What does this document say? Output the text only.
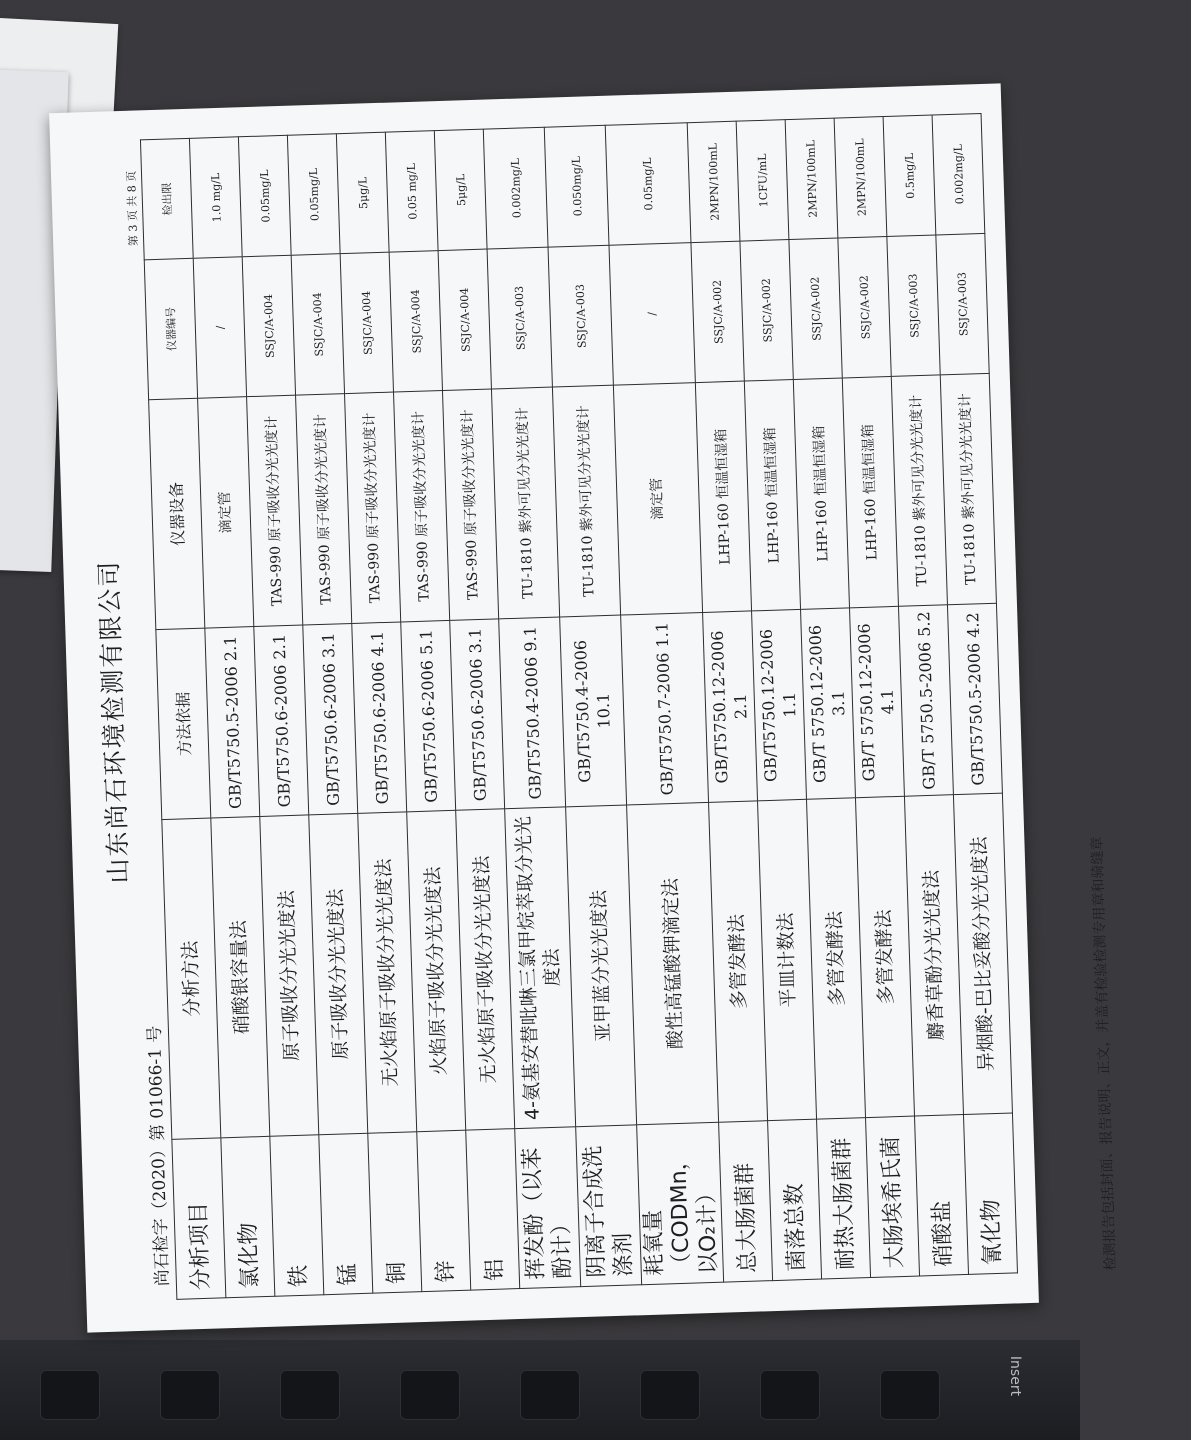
Insert
山东尚石环境检测有限公司
尚石检字（2020）第 01066-1 号
第 3 页 共 8 页
分析项目	分析方法	方法依据	仪器设备	仪器编号	检出限
氯化物	硝酸银容量法	GB/T5750.5-2006 2.1	滴定管	/	1.0 mg/L
铁	原子吸收分光光度法	GB/T5750.6-2006 2.1	TAS-990 原子吸收分光光度计	SSJC/A-004	0.05mg/L
锰	原子吸收分光光度法	GB/T5750.6-2006 3.1	TAS-990 原子吸收分光光度计	SSJC/A-004	0.05mg/L
铜	无火焰原子吸收分光光度法	GB/T5750.6-2006 4.1	TAS-990 原子吸收分光光度计	SSJC/A-004	5μg/L
锌	火焰原子吸收分光光度法	GB/T5750.6-2006 5.1	TAS-990 原子吸收分光光度计	SSJC/A-004	0.05 mg/L
铝	无火焰原子吸收分光光度法	GB/T5750.6-2006 3.1	TAS-990 原子吸收分光光度计	SSJC/A-004	5μg/L
挥发酚（以苯酚计）	4-氨基安替吡啉三氯甲烷萃取分光光度法	GB/T5750.4-2006 9.1	TU-1810 紫外可见分光光度计	SSJC/A-003	0.002mg/L
阴离子合成洗涤剂	亚甲蓝分光光度法	GB/T5750.4-2006 10.1	TU-1810 紫外可见分光光度计	SSJC/A-003	0.050mg/L
耗氧量（CODMn，以O₂计）	酸性高锰酸钾滴定法	GB/T5750.7-2006 1.1	滴定管	/	0.05mg/L
总大肠菌群	多管发酵法	GB/T5750.12-2006 2.1	LHP-160 恒温恒湿箱	SSJC/A-002	2MPN/100mL
菌落总数	平皿计数法	GB/T5750.12-2006 1.1	LHP-160 恒温恒湿箱	SSJC/A-002	1CFU/mL
耐热大肠菌群	多管发酵法	GB/T 5750.12-2006 3.1	LHP-160 恒温恒湿箱	SSJC/A-002	2MPN/100mL
大肠埃希氏菌	多管发酵法	GB/T 5750.12-2006 4.1	LHP-160 恒温恒湿箱	SSJC/A-002	2MPN/100mL
硝酸盐	麝香草酚分光光度法	GB/T 5750.5-2006 5.2	TU-1810 紫外可见分光光度计	SSJC/A-003	0.5mg/L
氰化物	异烟酸-巴比妥酸分光光度法	GB/T5750.5-2006 4.2	TU-1810 紫外可见分光光度计	SSJC/A-003	0.002mg/L
检测报告包括封面、报告说明、正文，并盖有检验检测专用章和骑缝章
